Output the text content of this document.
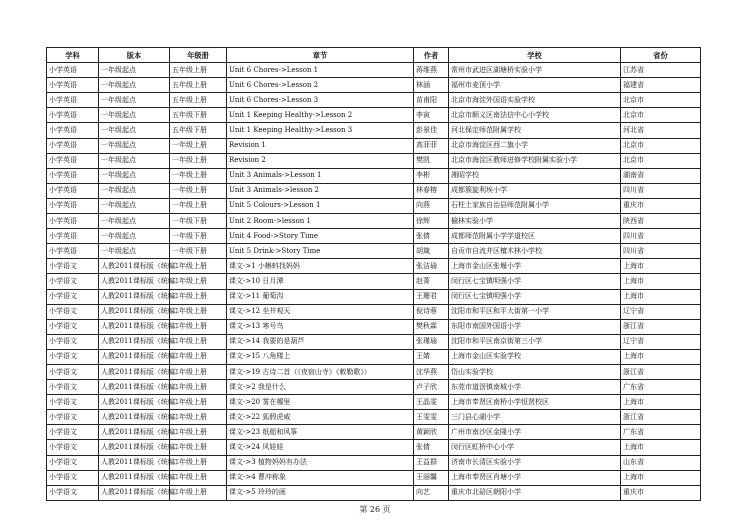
学科	版本	年级册	章节	作者	学校	省份
小学英语	一年级起点	五年级上册	Unit 6 Chores->Lesson 1	蒋维燕	常州市武进区湖塘桥实验小学	江苏省
小学英语	一年级起点	五年级上册	Unit 6 Chores->Lesson 2	林涵	福州市麦顶小学	福建省
小学英语	一年级起点	五年级上册	Unit 6 Chores->Lesson 3	苗甫阳	北京市海淀外国语实验学校	北京市
小学英语	一年级起点	五年级下册	Unit 1 Keeping Healthy->Lesson 2	李寅	北京市顺义区南法信中心小学校	北京市
小学英语	一年级起点	五年级下册	Unit 1 Keeping Healthy->Lesson 3	彭景佳	河北保定师范附属学校	河北省
小学英语	一年级起点	一年级上册	Revision 1	高菲菲	北京市海淀区西二旗小学	北京市
小学英语	一年级起点	一年级上册	Revision 2	樊凯	北京市海淀区教师进修学校附属实验小学	北京市
小学英语	一年级起点	一年级上册	Unit 3 Animals->Lesson 1	李彬	湘昭学校	湖南省
小学英语	一年级起点	一年级上册	Unit 3 Animals->lesson 2	林春榕	成都簇旋利埃小学	四川省
小学英语	一年级起点	一年级上册	Unit 5 Colours->Lesson 1	向燕	石柱土家族自治县师范附属小学	重庆市
小学英语	一年级起点	一年级下册	Unit 2 Room->lesson 1	徐辉	榆林实验小学	陕西省
小学英语	一年级起点	一年级下册	Unit 4 Food->Story Time	张倩	成都师范附属小学学道校区	四川省
小学英语	一年级起点	一年级下册	Unit 5 Drink->Story Time	胡箴	自贡市自流井区檀木林小学校	四川省
小学语文	人教2011课标版（统编）	二年级上册	课文->1 小蝌蚪找妈妈	张洁瑜	上海市金山区张堰小学	上海市
小学语文	人教2011课标版（统编）	二年级上册	课文->10 日月潭	赵菁	闵行区七宝镇明强小学	上海市
小学语文	人教2011课标版（统编）	二年级上册	课文->11 葡萄沟	王珊君	闵行区七宝镇明强小学	上海市
小学语文	人教2011课标版（统编）	二年级上册	课文->12 坐井观天	倪诗蓉	沈阳市和平区和平大街第一小学	辽宁省
小学语文	人教2011课标版（统编）	二年级上册	课文->13 寒号鸟	樊秋霖	东阳市南国外国语小学	浙江省
小学语文	人教2011课标版（统编）	二年级上册	课文->14 我要的是葫芦	张瑾瑜	沈阳市和平区南京街第三小学	辽宁省
小学语文	人教2011课标版（统编）	二年级上册	课文->15 八角楼上	王婧	上海市金山区实验学校	上海市
小学语文	人教2011课标版（统编）	二年级上册	课文->19 古诗二首（《夜宿山寺》《敕勒歌》）	沈华燕	岱山实验学校	浙江省
小学语文	人教2011课标版（统编）	二年级上册	课文->2 我是什么	卢子欣	东莞市道滘镇南城小学	广东省
小学语文	人教2011课标版（统编）	二年级上册	课文->20 雾在哪里	王晶雯	上海市奉贤区南桥小学恒贤校区	上海市
小学语文	人教2011课标版（统编）	二年级上册	课文->22 狐假虎威	王雯雯	三门县心湖小学	浙江省
小学语文	人教2011课标版（统编）	二年级上册	课文->23 纸船和风筝	黄颖欣	广州市南沙区金隆小学	广东省
小学语文	人教2011课标版（统编）	二年级上册	课文->24 风娃娃	张倩	闵行区虹桥中心小学	上海市
小学语文	人教2011课标版（统编）	二年级上册	课文->3 植物妈妈有办法	王益群	济南市长清区实验小学	山东省
小学语文	人教2011课标版（统编）	二年级上册	课文->4 曹冲称象	王丽馨	上海市奉贤区肖塘小学	上海市
小学语文	人教2011课标版（统编）	二年级上册	课文->5 玲玲的画	向艺	重庆市北碚区朝阳小学	重庆市
第 26 页
